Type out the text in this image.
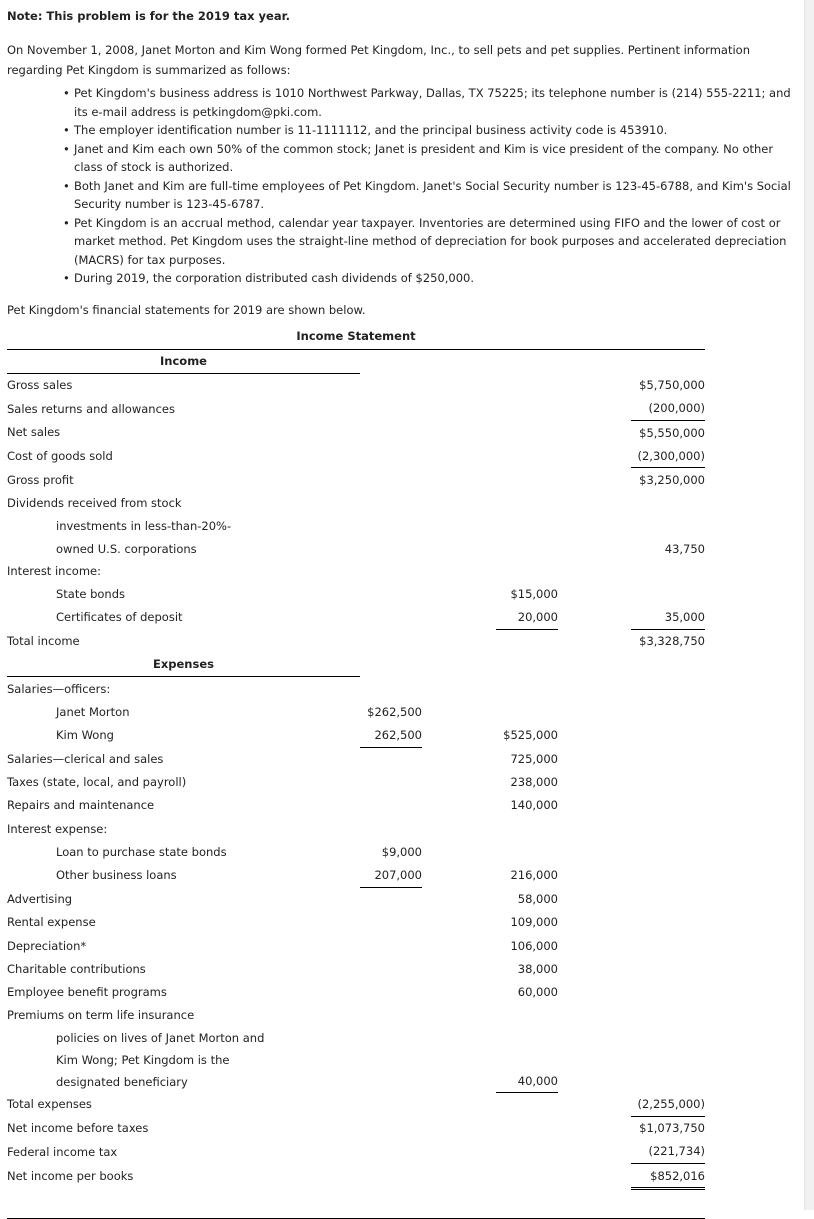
Note: This problem is for the 2019 tax year.

On November 1, 2008, Janet Morton and Kim Wong formed Pet Kingdom, Inc., to sell pets and pet supplies. Pertinent information regarding Pet Kingdom is summarized as follows:

• Pet Kingdom's business address is 1010 Northwest Parkway, Dallas, TX 75225; its telephone number is (214) 555-2211; and its e-mail address is petkingdom@pki.com.
• The employer identification number is 11-1111112, and the principal business activity code is 453910.
• Janet and Kim each own 50% of the common stock; Janet is president and Kim is vice president of the company. No other class of stock is authorized.
• Both Janet and Kim are full-time employees of Pet Kingdom. Janet's Social Security number is 123-45-6788, and Kim's Social Security number is 123-45-6787.
• Pet Kingdom is an accrual method, calendar year taxpayer. Inventories are determined using FIFO and the lower of cost or market method. Pet Kingdom uses the straight-line method of depreciation for book purposes and accelerated depreciation (MACRS) for tax purposes.
• During 2019, the corporation distributed cash dividends of $250,000.

Pet Kingdom's financial statements for 2019 are shown below.

Income Statement
Income					
Gross sales					$5,750,000
Sales returns and allowances					(200,000)
Net sales					$5,550,000
Cost of goods sold					(2,300,000)
Gross profit					$3,250,000
Dividends received from stock					
investments in less-than-20%-					
owned U.S. corporations					43,750
Interest income:					
State bonds			$15,000		
Certificates of deposit			20,000		35,000
Total income					$3,328,750
Expenses					
Salaries—officers:					
Janet Morton	$262,500				
Kim Wong	262,500		$525,000		
Salaries—clerical and sales			725,000		
Taxes (state, local, and payroll)			238,000		
Repairs and maintenance			140,000		
Interest expense:					
Loan to purchase state bonds	$9,000				
Other business loans	207,000		216,000		
Advertising			58,000		
Rental expense			109,000		
Depreciation*			106,000		
Charitable contributions			38,000		
Employee benefit programs			60,000		
Premiums on term life insurance					
policies on lives of Janet Morton and					
Kim Wong; Pet Kingdom is the					
designated beneficiary			40,000		
Total expenses					(2,255,000)
Net income before taxes					$1,073,750
Federal income tax					(221,734)
Net income per books					$852,016
